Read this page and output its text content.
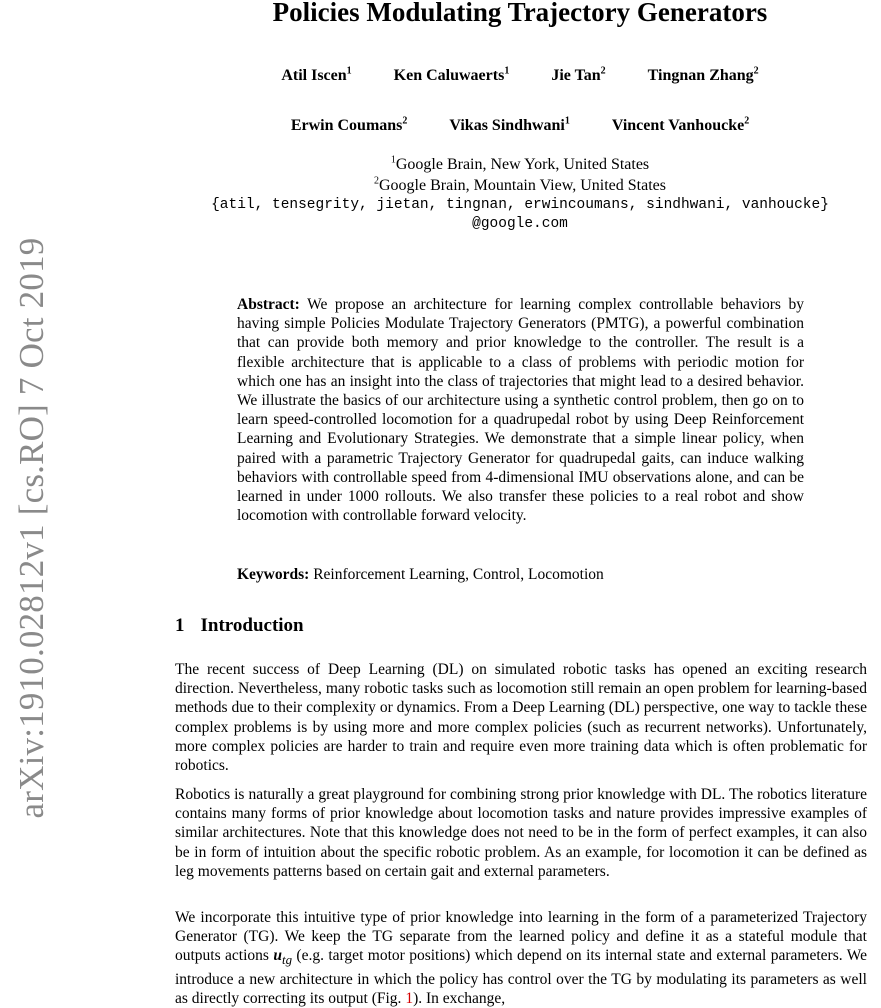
arXiv:1910.02812v1 [cs.RO] 7 Oct 2019
Policies Modulating Trajectory Generators
Atil Iscen$^1$	Ken Caluwaerts$^1$	Jie Tan$^2$	Tingnan Zhang$^2$
Erwin Coumans$^2$	Vikas Sindhwani$^1$	Vincent Vanhoucke$^2$
$^1$Google Brain, New York, United States
$^2$Google Brain, Mountain View, United States
{atil, tensegrity, jietan, tingnan, erwincoumans, sindhwani, vanhoucke}
@google.com

Abstract: We propose an architecture for learning complex controllable behaviors by having simple Policies Modulate Trajectory Generators (PMTG), a powerful combination that can provide both memory and prior knowledge to the controller. The result is a flexible architecture that is applicable to a class of problems with periodic motion for which one has an insight into the class of trajectories that might lead to a desired behavior. We illustrate the basics of our architecture using a synthetic control problem, then go on to learn speed-controlled locomotion for a quadrupedal robot by using Deep Reinforcement Learning and Evolutionary Strategies. We demonstrate that a simple linear policy, when paired with a parametric Trajectory Generator for quadrupedal gaits, can induce walking behaviors with controllable speed from 4-dimensional IMU observations alone, and can be learned in under 1000 rollouts. We also transfer these policies to a real robot and show locomotion with controllable forward velocity.

Keywords: Reinforcement Learning, Control, Locomotion

1 Introduction

The recent success of Deep Learning (DL) on simulated robotic tasks has opened an exciting research direction. Nevertheless, many robotic tasks such as locomotion still remain an open problem for learning-based methods due to their complexity or dynamics. From a Deep Learning (DL) perspective, one way to tackle these complex problems is by using more and more complex policies (such as recurrent networks). Unfortunately, more complex policies are harder to train and require even more training data which is often problematic for robotics.

Robotics is naturally a great playground for combining strong prior knowledge with DL. The robotics literature contains many forms of prior knowledge about locomotion tasks and nature provides impressive examples of similar architectures. Note that this knowledge does not need to be in the form of perfect examples, it can also be in form of intuition about the specific robotic problem. As an example, for locomotion it can be defined as leg movements patterns based on certain gait and external parameters.

We incorporate this intuitive type of prior knowledge into learning in the form of a parameterized Trajectory Generator (TG). We keep the TG separate from the learned policy and define it as a stateful module that outputs actions $u_{tg}$ (e.g. target motor positions) which depend on its internal state and external parameters. We introduce a new architecture in which the policy has control over the TG by modulating its parameters as well as directly correcting its output (Fig. 1). In exchange,
